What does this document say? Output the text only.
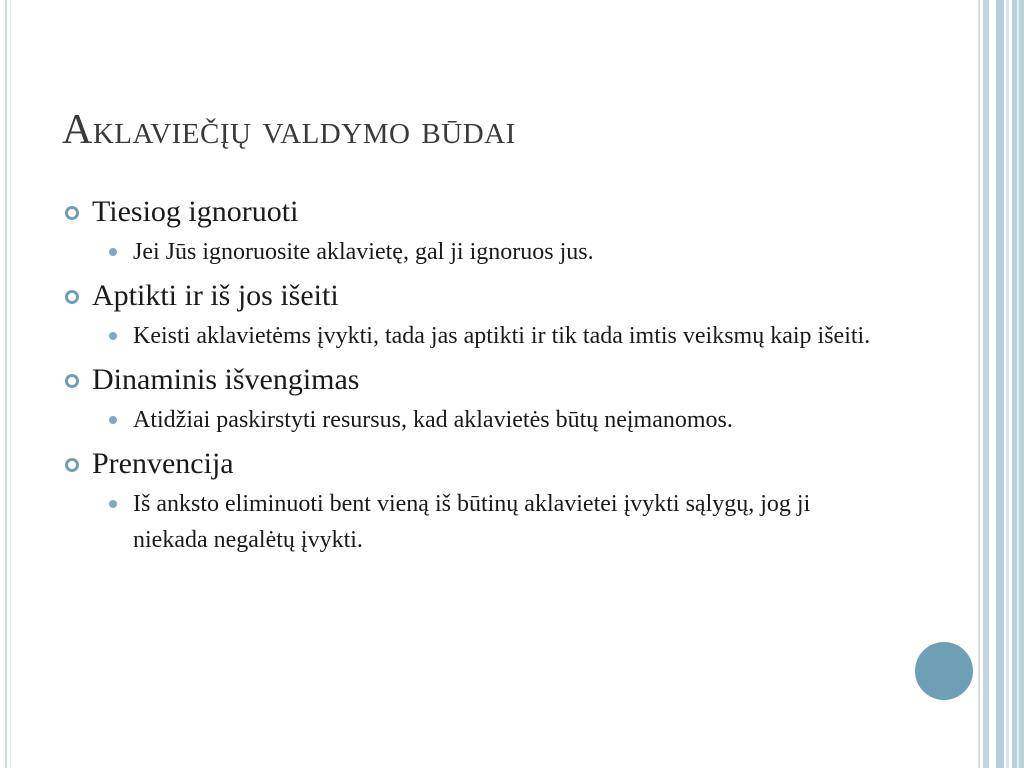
Aklaviečįų valdymo būdai
Tiesiog ignoruoti
Jei Jūs ignoruosite aklavietę, gal ji ignoruos jus.
Aptikti ir iš jos išeiti
Keisti aklavietėms įvykti, tada jas aptikti ir tik tada imtis veiksmų kaip išeiti.
Dinaminis išvengimas
Atidžiai paskirstyti resursus, kad aklavietės būtų neįmanomos.
Prenvencija
Iš anksto eliminuoti bent vieną iš būtinų aklavietei įvykti sąlygų, jog ji niekada negalėtų įvykti.
